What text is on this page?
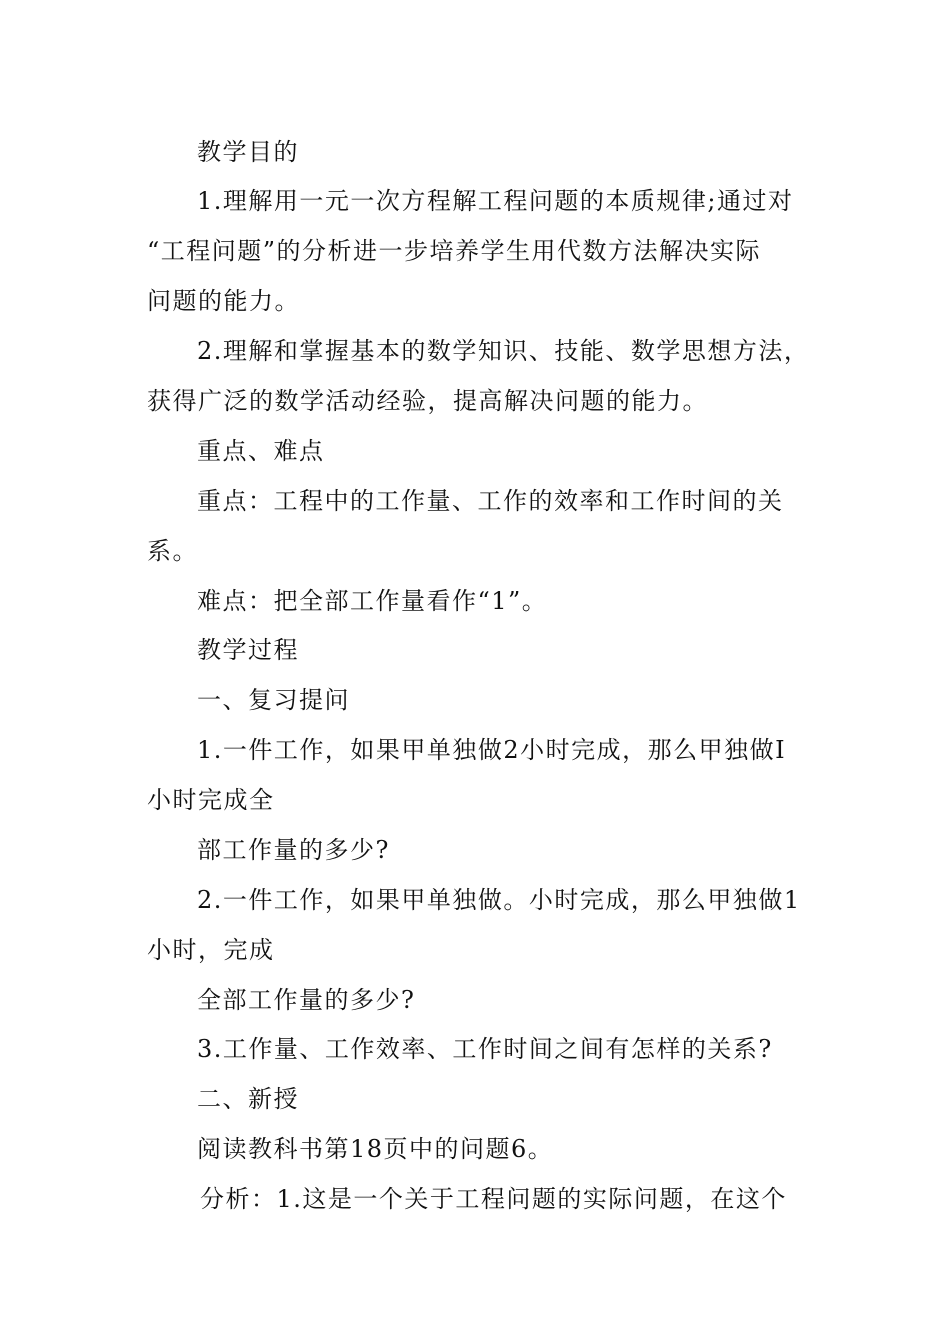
教学目的
1.理解用一元一次方程解工程问题的本质规律;通过对
“工程问题”的分析进一步培养学生用代数方法解决实际
问题的能力。
2.理解和掌握基本的数学知识、技能、数学思想方法，
获得广泛的数学活动经验，提高解决问题的能力。
重点、难点
重点：工程中的工作量、工作的效率和工作时间的关
系。
难点：把全部工作量看作“1”。
教学过程
一、复习提问
1.一件工作，如果甲单独做2小时完成，那么甲独做I
小时完成全
部工作量的多少?
2.一件工作，如果甲单独做。小时完成，那么甲独做1
小时，完成
全部工作量的多少?
3.工作量、工作效率、工作时间之间有怎样的关系?
二、新授
阅读教科书第18页中的问题6。
分析：1.这是一个关于工程问题的实际问题，在这个
